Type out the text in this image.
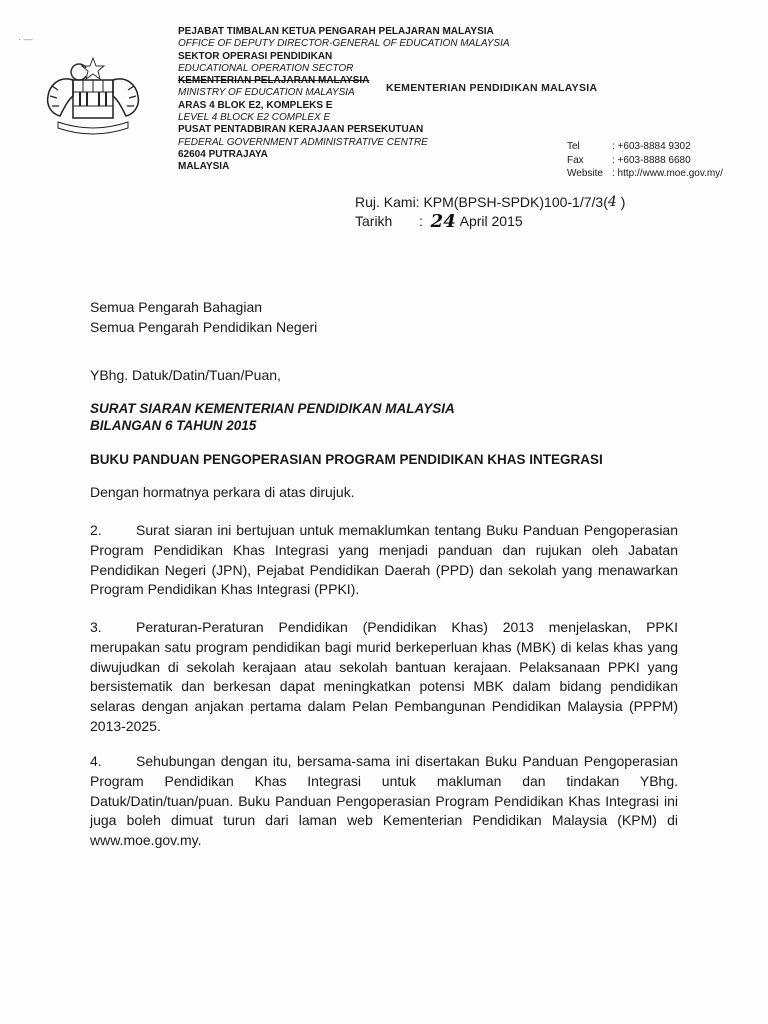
PEJABAT TIMBALAN KETUA PENGARAH PELAJARAN MALAYSIA
OFFICE OF DEPUTY DIRECTOR-GENERAL OF EDUCATION MALAYSIA
SEKTOR OPERASI PENDIDIKAN
EDUCATIONAL OPERATION SECTOR
KEMENTERIAN PELAJARAN MALAYSIA
MINISTRY OF EDUCATION MALAYSIA
ARAS 4 BLOK E2, KOMPLEKS E
LEVEL 4 BLOCK E2 COMPLEX E
PUSAT PENTADBIRAN KERAJAAN PERSEKUTUAN
FEDERAL GOVERNMENT ADMINISTRATIVE CENTRE
62604 PUTRAJAYA
MALAYSIA
KEMENTERIAN PENDIDIKAN MALAYSIA
Tel	: +603-8884 9302
Fax	: +603-8888 6680
Website : http://www.moe.gov.my/
Ruj. Kami:
KPM(BPSH-SPDK)100-1/7/3( 4
)
Tarikh	:
24
April 2015
Semua Pengarah Bahagian
Semua Pengarah Pendidikan Negeri
YBhg. Datuk/Datin/Tuan/Puan,
SURAT SIARAN KEMENTERIAN PENDIDIKAN MALAYSIA
BILANGAN 6 TAHUN 2015
BUKU PANDUAN PENGOPERASIAN PROGRAM PENDIDIKAN KHAS INTEGRASI
Dengan hormatnya perkara di atas dirujuk.

2. Surat siaran ini bertujuan untuk memaklumkan tentang Buku Panduan Pengoperasian Program Pendidikan Khas Integrasi yang menjadi panduan dan rujukan oleh Jabatan Pendidikan Negeri (JPN), Pejabat Pendidikan Daerah (PPD) dan sekolah yang menawarkan Program Pendidikan Khas Integrasi (PPKI).

3. Peraturan-Peraturan Pendidikan (Pendidikan Khas) 2013 menjelaskan, PPKI merupakan satu program pendidikan bagi murid berkeperluan khas (MBK) di kelas khas yang diwujudkan di sekolah kerajaan atau sekolah bantuan kerajaan. Pelaksanaan PPKI yang bersistematik dan berkesan dapat meningkatkan potensi MBK dalam bidang pendidikan selaras dengan anjakan pertama dalam Pelan Pembangunan Pendidikan Malaysia (PPPM) 2013-2025.

4. Sehubungan dengan itu, bersama-sama ini disertakan Buku Panduan Pengoperasian Program Pendidikan Khas Integrasi untuk makluman dan tindakan YBhg. Datuk/Datin/tuan/puan. Buku Panduan Pengoperasian Program Pendidikan Khas Integrasi ini juga boleh dimuat turun dari laman web Kementerian Pendidikan Malaysia (KPM) di www.moe.gov.my.

· —
